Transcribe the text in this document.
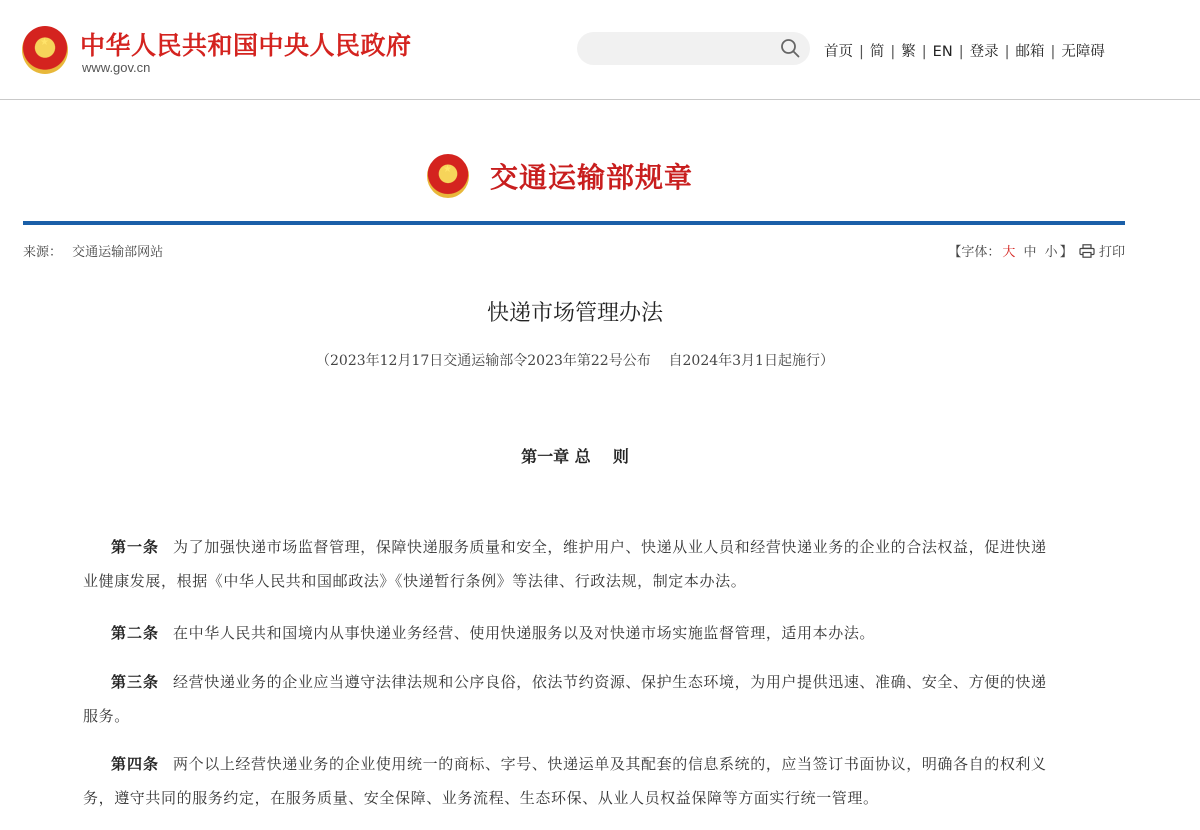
★ 中华人民共和国中央人民政府
www.gov.cn
首页 | 简 | 繁 | EN | 登录 | 邮箱 | 无障碍
★ 交通运输部规章
来源： 交通运输部网站	【字体： 大 中 小 】 打印
快递市场管理办法
（2023年12月17日交通运输部令2023年第22号公布    自2024年3月1日起施行）
第一章 总    则

第一条 为了加强快递市场监督管理，保障快递服务质量和安全，维护用户、快递从业人员和经营快递业务的企业的合法权益，促进快递业健康发展，根据《中华人民共和国邮政法》《快递暂行条例》等法律、行政法规，制定本办法。

第二条 在中华人民共和国境内从事快递业务经营、使用快递服务以及对快递市场实施监督管理，适用本办法。

第三条 经营快递业务的企业应当遵守法律法规和公序良俗，依法节约资源、保护生态环境，为用户提供迅速、准确、安全、方便的快递服务。

第四条 两个以上经营快递业务的企业使用统一的商标、字号、快递运单及其配套的信息系统的，应当签订书面协议，明确各自的权利义务，遵守共同的服务约定，在服务质量、安全保障、业务流程、生态环保、从业人员权益保障等方面实行统一管理。
